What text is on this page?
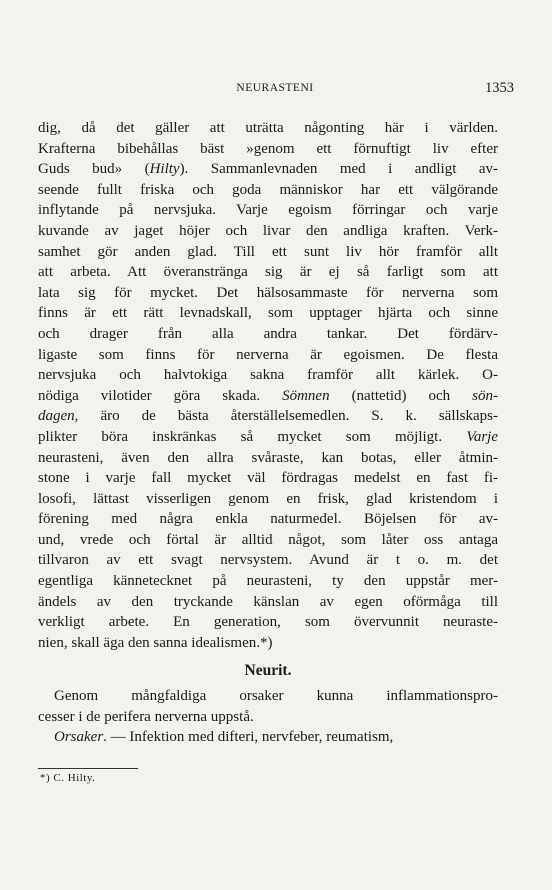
NEURASTENI	1353
dig, då det gäller att uträtta någonting här i världen.
Krafterna bibehållas bäst »genom ett förnuftigt liv efter
Guds bud» (Hilty). Sammanlevnaden med i andligt av-
seende fullt friska och goda människor har ett välgörande
inflytande på nervsjuka. Varje egoism förringar och varje
kuvande av jaget höjer och livar den andliga kraften. Verk-
samhet gör anden glad. Till ett sunt liv hör framför allt
att arbeta. Att överanstränga sig är ej så farligt som att
lata sig för mycket. Det hälsosammaste för nerverna som
finns är ett rätt levnadskall, som upptager hjärta och sinne
och drager från alla andra tankar. Det fördärv-
ligaste som finns för nerverna är egoismen. De flesta
nervsjuka och halvtokiga sakna framför allt kärlek. O-
nödiga vilotider göra skada. Sömnen (nattetid) och sön-
dagen, äro de bästa återställelsemedlen. S. k. sällskaps-
plikter böra inskränkas så mycket som möjligt. Varje
neurasteni, även den allra svåraste, kan botas, eller åtmin-
stone i varje fall mycket väl fördragas medelst en fast fi-
losofi, lättast visserligen genom en frisk, glad kristendom i
förening med några enkla naturmedel. Böjelsen för av-
und, vrede och förtal är alltid något, som låter oss antaga
tillvaron av ett svagt nervsystem. Avund är t o. m. det
egentliga kännetecknet på neurasteni, ty den uppstår mer-
ändels av den tryckande känslan av egen oförmåga till
verkligt arbete. En generation, som övervunnit neuraste-
nien, skall äga den sanna idealismen.*)
Neurit.
Genom mångfaldiga orsaker kunna inflammationspro-
cesser i de perifera nerverna uppstå.
Orsaker. — Infektion med difteri, nervfeber, reumatism,
*) C. Hilty.
